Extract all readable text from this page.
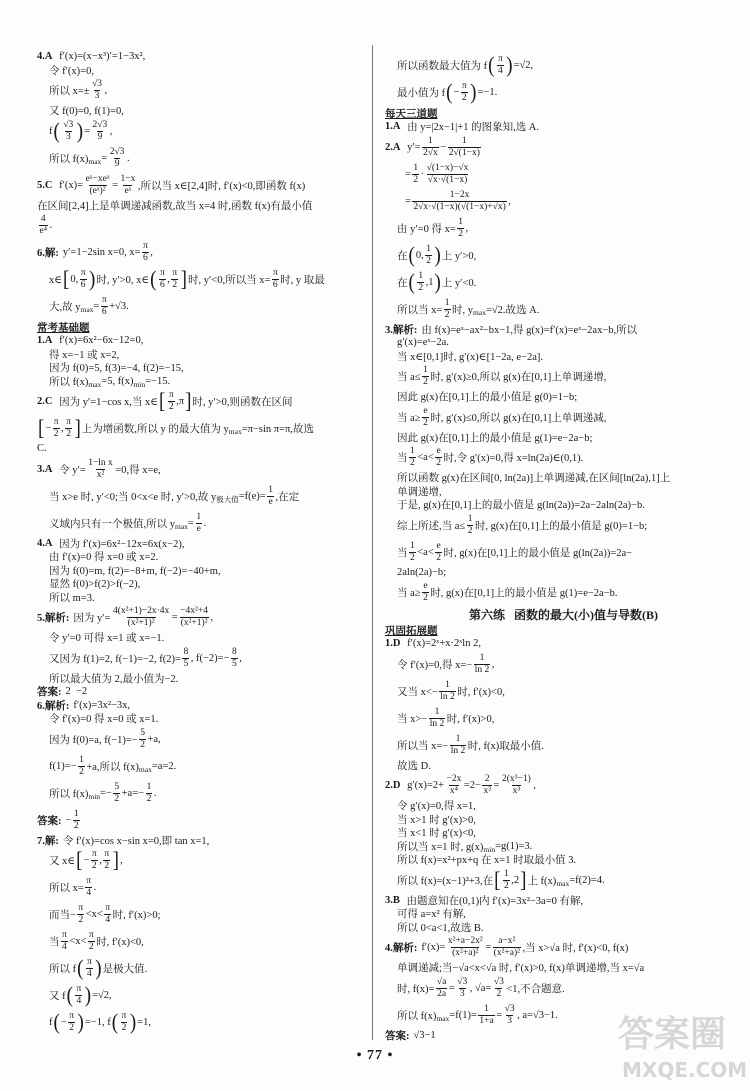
4.A f′(x)=(x−x³)′=1−3x²,
令 f′(x)=0,
所以 $x=\pm \frac{√3}{3}$ ,
又 f(0)=0, f(1)=0,
f ( $\frac{√3}{3}$ ) = $\frac{2√3}{9}$ ,
所以 f(x) $\max = \frac{2√3}{9}$ .
5.C $f'(x)= \frac{\text{eˣ−xeˣ}}{\text{(eˣ)²}} = \frac{1-x}{\text{eˣ}}$ ,所以当 x∈[2,4]时, f′(x)<0,即函数 f(x)
在区间[2,4]上是单调递减函数,故当 x=4 时,函数 f(x)有最小值
$\frac{4}{\text{e⁴}}$ .
6.解: y′=1−2sin x=0, $x= \frac{\pi}{6}$ ,
x∈ [ 0, $\frac{\pi}{6}$ ) 时, y′>0, x∈ ( $\frac{\pi}{6}$ , $\frac{\pi}{2}$ ] 时, y′<0,所以当 $x= \frac{\pi}{6}$ 时, y 取最
大,故 y $\max = \frac{\pi}{6} +√3$.
常考基础题
1.A f′(x)=6x²−6x−12=0,
得 x=−1 或 x=2,
因为 f(0)=5, f(3)=−4, f(2)=−15,
所以 f(x) max =5, f(x) min =−15.
2.C 因为 y′=1−cos x,当 x∈ [ $\frac{\pi}{2} ,\pi$ ] 时, y′>0,则函数在区间
[ − $\frac{\pi}{2}$ , $\frac{\pi}{2}$ ] 上为增函数,所以 y 的最大值为 y max =π−sin π=π,故选
C.
3.A 令 $y'= \frac{\text{1−ln x}}{\text{x²}} =0$,得 x=e,
当 x>e 时, y′<0;当 0<x<e 时, y′>0,故 y 极大值 $=f(e)= \frac{1}{e}$ ,在定
义域内只有一个极值,所以 y $\max = \frac{1}{e}$ .
4.A 因为 f′(x)=6x²−12x=6x(x−2),
由 f′(x)=0 得 x=0 或 x=2.
因为 f(0)=m, f(2)=−8+m, f(−2)=−40+m,
显然 f(0)>f(2)>f(−2),
所以 m=3.
5.解析: 因为 $y'= \frac{\text{4(x²+1)−2x·4x}}{\text{(x²+1)²}} = \frac{\text{−4x²+4}}{\text{(x²+1)²}}$ ,
令 y′=0 可得 x=1 或 x=−1.
又因为 f(1)=2, f(−1)=−2, $f(2)= \frac{8}{5}$ , $f(-2)=- \frac{8}{5}$ ,
所以最大值为 2,最小值为−2.
答案: 2  −2
6.解析: f′(x)=3x²−3x,
令 f′(x)=0 得 x=0 或 x=1.
因为 f(0)=a, $f(-1)=- \frac{5}{2} +a$,
$f(1)=- \frac{1}{2} +a$,所以 f(x) max =a=2.
所以 f(x) $\min =- \frac{5}{2} +a=- \frac{1}{2}$ .
答案: − $\frac{1}{2}$
7.解: 令 f′(x)=cos x−sin x=0,即 tan x=1,
又 x∈ [ − $\frac{\pi}{2}$ , $\frac{\pi}{2}$ ] ,
所以 $x= \frac{\pi}{4}$ .
而当− $\frac{\pi}{2} <x< \frac{\pi}{4}$ 时, f′(x)>0;
当 $\frac{\pi}{4} <x< \frac{\pi}{2}$ 时, f′(x)<0,
所以 f ( $\frac{\pi}{4}$ ) 是极大值.
又 f ( $\frac{\pi}{4}$ ) =√2,
f ( − $\frac{\pi}{2}$ ) =−1, f ( $\frac{\pi}{2}$ ) =1,
所以函数最大值为 f ( $\frac{\pi}{4}$ ) =√2,
最小值为 f ( − $\frac{\pi}{2}$ ) =−1.
每天三道题
1.A 由 y=|2x−1|+1 的图象知,选 A.
2.A $y'= \frac{1}{2√x} - \frac{1}{2√(1-x)}$
= $\frac{1}{2} \cdot \frac{√(1-x)-√x}{√x\cdot√(1-x)}$
= $\frac{1-2x}{2√x\cdot√(1-x)(√(1-x)+√x)}$ ,
由 y′=0 得 $x= \frac{1}{2}$ ,
在 ( 0, $\frac{1}{2}$ ) 上 y′>0,
在 ( $\frac{1}{2} ,1$ ) 上 y′<0.
所以当 $x= \frac{1}{2}$ 时, y max =√2.故选 A.
3.解析: 由 f(x)=eˣ−ax²−bx−1,得 g(x)=f′(x)=eˣ−2ax−b,所以
g′(x)=eˣ−2a.
当 x∈[0,1]时, g′(x)∈[1−2a, e−2a].
当 $a\le \frac{1}{2}$ 时, g′(x)≥0,所以 g(x)在[0,1]上单调递增,
因此 g(x)在[0,1]上的最小值是 g(0)=1−b;
当 $a\ge \frac{e}{2}$ 时, g′(x)≤0,所以 g(x)在[0,1]上单调递减,
因此 g(x)在[0,1]上的最小值是 g(1)=e−2a−b;
当 $\frac{1}{2} <a< \frac{e}{2}$ 时,令 g′(x)=0,得 x=ln(2a)∈(0,1).
所以函数 g(x)在区间[0, ln(2a)]上单调递减,在区间[ln(2a),1]上
单调递增,
于是, g(x)在[0,1]上的最小值是 g(ln(2a))=2a−2aln(2a)−b.
综上所述,当 $a\le \frac{1}{2}$ 时, g(x)在[0,1]上的最小值是 g(0)=1−b;
当 $\frac{1}{2} <a< \frac{e}{2}$ 时, g(x)在[0,1]上的最小值是 g(ln(2a))=2a−
2aln(2a)−b;
当 $a\ge \frac{e}{2}$ 时, g(x)在[0,1]上的最小值是 g(1)=e−2a−b.
第六练   函数的最大(小)值与导数(B)
巩固拓展题
1.D f′(x)=2ˣ+x·2ˣln 2,
令 f′(x)=0,得 $x=- \frac{1}{\ln 2}$ ,
又当 $x<- \frac{1}{\ln 2}$ 时, f′(x)<0,
当 $x>- \frac{1}{\ln 2}$ 时, f′(x)>0,
所以当 $x=- \frac{1}{\ln 2}$ 时, f(x)取最小值.
故选 D.
2.D $g'(x)=2+ \frac{-2x}{\text{x⁴}} =2- \frac{2}{\text{x³}} = \frac{\text{2(x³−1)}}{\text{x³}}$ ,
令 g′(x)=0,得 x=1,
当 x>1 时 g′(x)>0,
当 x<1 时 g′(x)<0,
所以当 x=1 时, g(x) min =g(1)=3.
所以 f(x)=x²+px+q 在 x=1 时取最小值 3.
所以 f(x)=(x−1)²+3,在 [ $\frac{1}{2} ,2$ ] 上 f(x) max =f(2)=4.
3.B 由题意知在(0,1)内 f′(x)=3x²−3a=0 有解,
可得 a=x² 有解,
所以 0<a<1,故选 B.
4.解析: $f'(x)= \frac{\text{x²+a−2x²}}{\text{(x²+a)²}} = \frac{\text{a−x²}}{\text{(x²+a)²}}$ ,当 x>√a 时, f′(x)<0, f(x)
单调递减;当−√a<x<√a 时, f′(x)>0, f(x)单调递增,当 x=√a
时, $f(x)= \frac{√a}{2a} = \frac{√3}{3}$ , $√a= \frac{√3}{2} <1$,不合题意.
所以 f(x) $\max =f(1)= \frac{1}{1+a} = \frac{√3}{3}$ , a=√3−1.
答案: √3−1
• 77 •
答案圈
MXQE.COM
